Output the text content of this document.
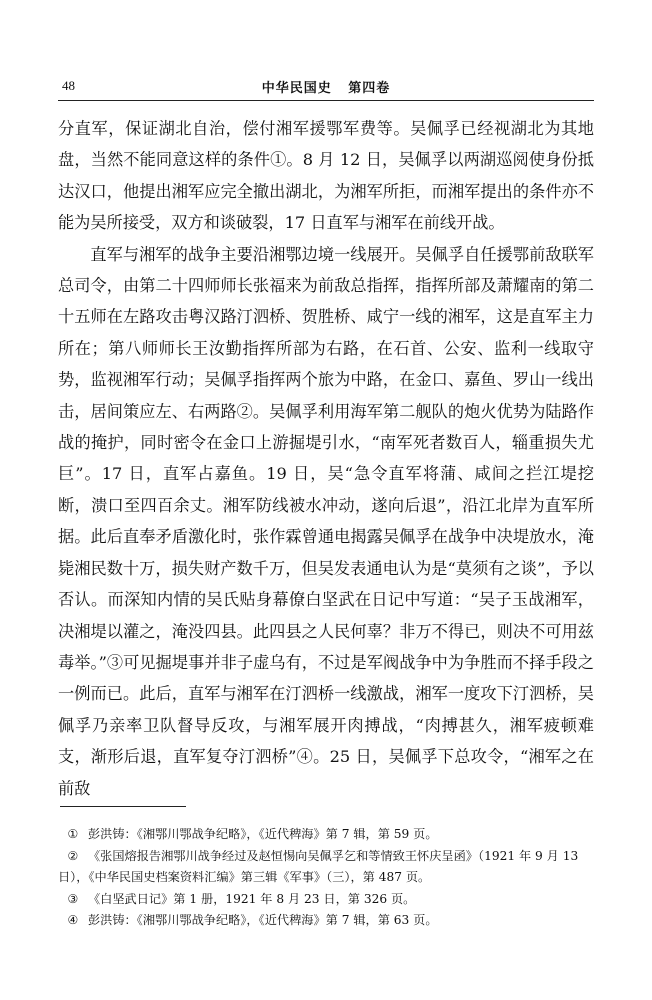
48	中华民国史   第四卷

分直军，保证湖北自治，偿付湘军援鄂军费等。吴佩孚已经视湖北为其地盘，当然不能同意这样的条件①。8 月 12 日，吴佩孚以两湖巡阅使身份抵达汉口，他提出湘军应完全撤出湖北，为湘军所拒，而湘军提出的条件亦不能为吴所接受，双方和谈破裂，17 日直军与湘军在前线开战。

直军与湘军的战争主要沿湘鄂边境一线展开。吴佩孚自任援鄂前敌联军总司令，由第二十四师师长张福来为前敌总指挥，指挥所部及萧耀南的第二十五师在左路攻击粤汉路汀泗桥、贺胜桥、咸宁一线的湘军，这是直军主力所在；第八师师长王汝勤指挥所部为右路，在石首、公安、监利一线取守势，监视湘军行动；吴佩孚指挥两个旅为中路，在金口、嘉鱼、罗山一线出击，居间策应左、右两路②。吴佩孚利用海军第二舰队的炮火优势为陆路作战的掩护，同时密令在金口上游掘堤引水，“南军死者数百人，辎重损失尤巨”。17 日，直军占嘉鱼。19 日，吴“急令直军将蒲、咸间之拦江堤挖断，溃口至四百余丈。湘军防线被水冲动，遂向后退”，沿江北岸为直军所据。此后直奉矛盾激化时，张作霖曾通电揭露吴佩孚在战争中决堤放水，淹毙湘民数十万，损失财产数千万，但吴发表通电认为是“莫须有之谈”，予以否认。而深知内情的吴氏贴身幕僚白坚武在日记中写道：“吴子玉战湘军，决湘堤以灌之，淹没四县。此四县之人民何辜？非万不得已，则决不可用兹毒举。”③可见掘堤事并非子虚乌有，不过是军阀战争中为争胜而不择手段之一例而已。此后，直军与湘军在汀泗桥一线激战，湘军一度攻下汀泗桥，吴佩孚乃亲率卫队督导反攻，与湘军展开肉搏战，“肉搏甚久，湘军疲顿难支，渐形后退，直军复夺汀泗桥”④。25 日，吴佩孚下总攻令，“湘军之在前敌

① 彭洪铸：《湘鄂川鄂战争纪略》，《近代稗海》第 7 辑，第 59 页。

② 《张国熔报告湘鄂川战争经过及赵恒惕向吴佩孚乞和等情致王怀庆呈函》（1921 年 9 月 13 日），《中华民国史档案资料汇编》第三辑《军事》（三），第 487 页。

③ 《白坚武日记》第 1 册，1921 年 8 月 23 日，第 326 页。

④ 彭洪铸：《湘鄂川鄂战争纪略》，《近代稗海》第 7 辑，第 63 页。
